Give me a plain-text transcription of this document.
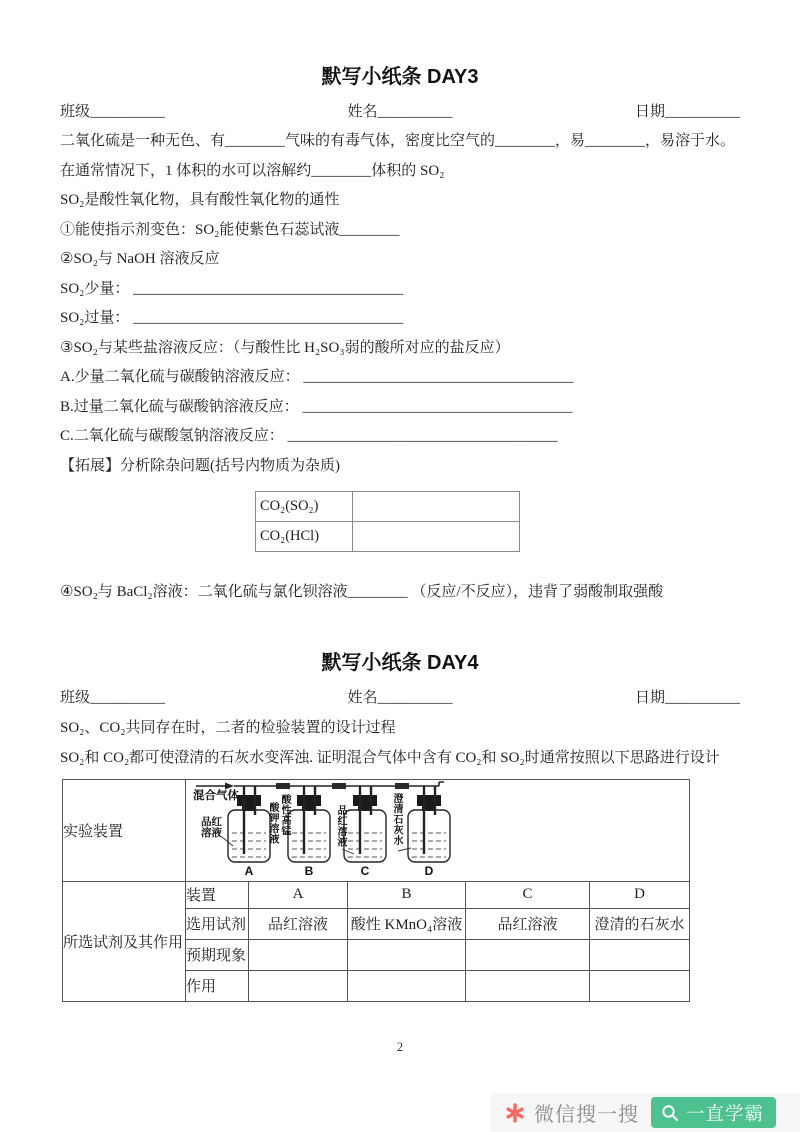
默写小纸条 DAY3
班级__________	姓名__________	日期__________

二氧化硫是一种无色、有________气味的有毒气体，密度比空气的________，易________，易溶于水。

在通常情况下，1 体积的水可以溶解约________体积的 SO₂

SO₂是酸性氧化物，具有酸性氧化物的通性

①能使指示剂变色：SO₂能使紫色石蕊试液________

②SO₂与 NaOH 溶液反应

SO₂少量： ____________________________________

SO₂过量： ____________________________________

③SO₂与某些盐溶液反应：（与酸性比 H₂SO₃弱的酸所对应的盐反应）

A.少量二氧化硫与碳酸钠溶液反应： ____________________________________

B.过量二氧化硫与碳酸钠溶液反应： ____________________________________

C.二氧化硫与碳酸氢钠溶液反应： ____________________________________

【拓展】分析除杂问题(括号内物质为杂质)

CO₂(SO₂)	
CO₂(HCl)	

④SO₂与 BaCl₂溶液：二氧化硫与氯化钡溶液________ （反应/不反应），违背了弱酸制取强酸

默写小纸条 DAY4
班级__________	姓名__________	日期__________

SO₂、CO₂共同存在时，二者的检验装置的设计过程

SO₂和 CO₂都可使澄清的石灰水变浑浊. 证明混合气体中含有 CO₂和 SO₂时通常按照以下思路进行设计

实验装置	
混合气体
品红溶液	酸性高锰
酸钾溶液	品红溶液	澄清石灰水
A	B	C	D

所选试剂及其作用	装置	A	B	C	D
	选用试剂	品红溶液	酸性 KMnO₄溶液	品红溶液	澄清的石灰水
	预期现象				
	作用				
2
微信搜一搜	一直学霸
